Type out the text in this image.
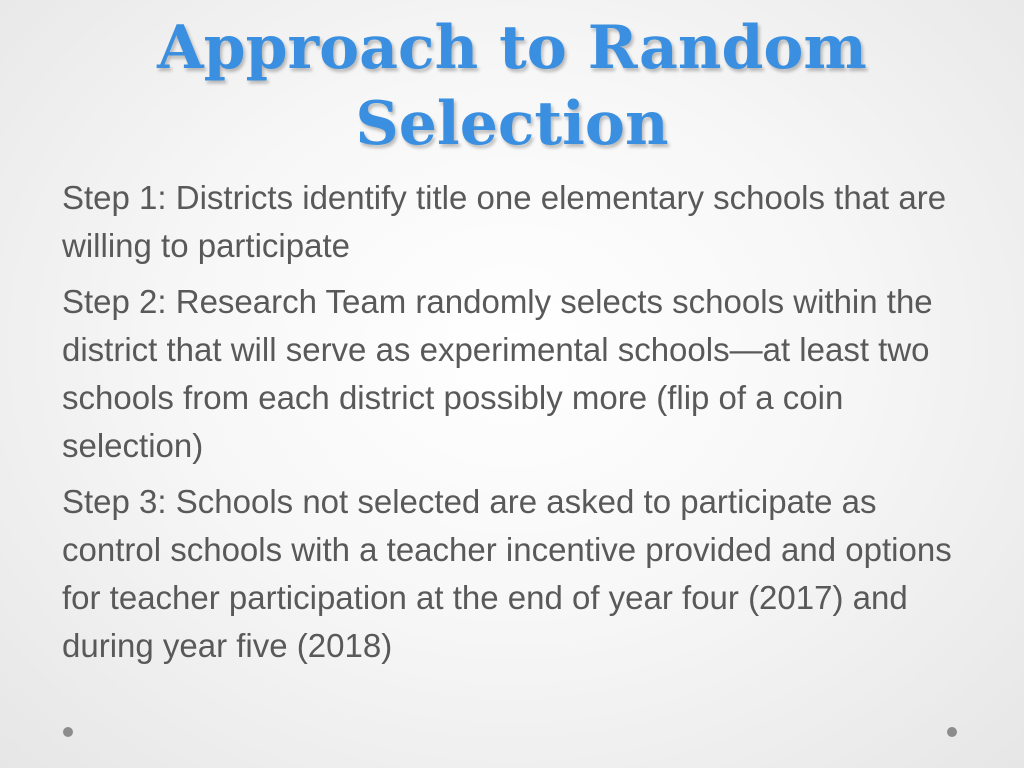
Approach to Random Selection

Step 1: Districts identify title one elementary schools that are willing to participate

Step 2: Research Team randomly selects schools within the district that will serve as experimental schools—at least two schools from each district possibly more (flip of a coin selection)

Step 3: Schools not selected are asked to participate as control schools with a teacher incentive provided and options for teacher participation at the end of year four (2017) and during year five (2018)
